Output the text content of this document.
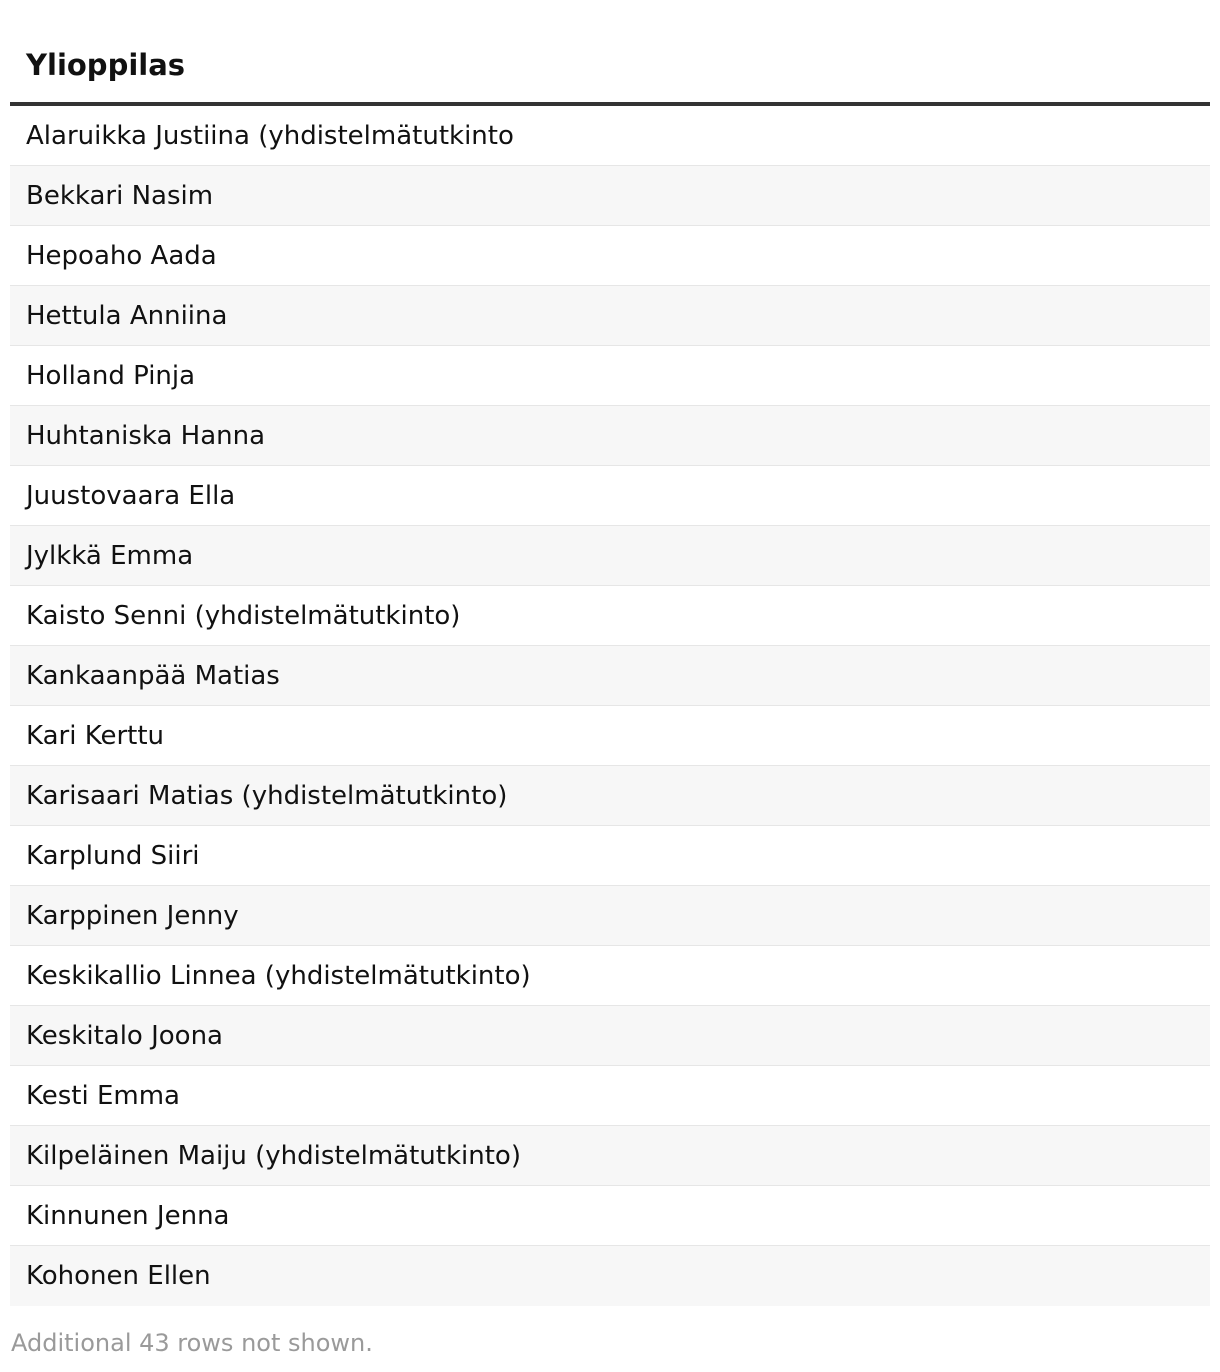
Ylioppilas
Alaruikka Justiina (yhdistelmätutkinto
Bekkari Nasim
Hepoaho Aada
Hettula Anniina
Holland Pinja
Huhtaniska Hanna
Juustovaara Ella
Jylkkä Emma
Kaisto Senni (yhdistelmätutkinto)
Kankaanpää Matias
Kari Kerttu
Karisaari Matias (yhdistelmätutkinto)
Karplund Siiri
Karppinen Jenny
Keskikallio Linnea (yhdistelmätutkinto)
Keskitalo Joona
Kesti Emma
Kilpeläinen Maiju (yhdistelmätutkinto)
Kinnunen Jenna
Kohonen Ellen
Additional 43 rows not shown.
